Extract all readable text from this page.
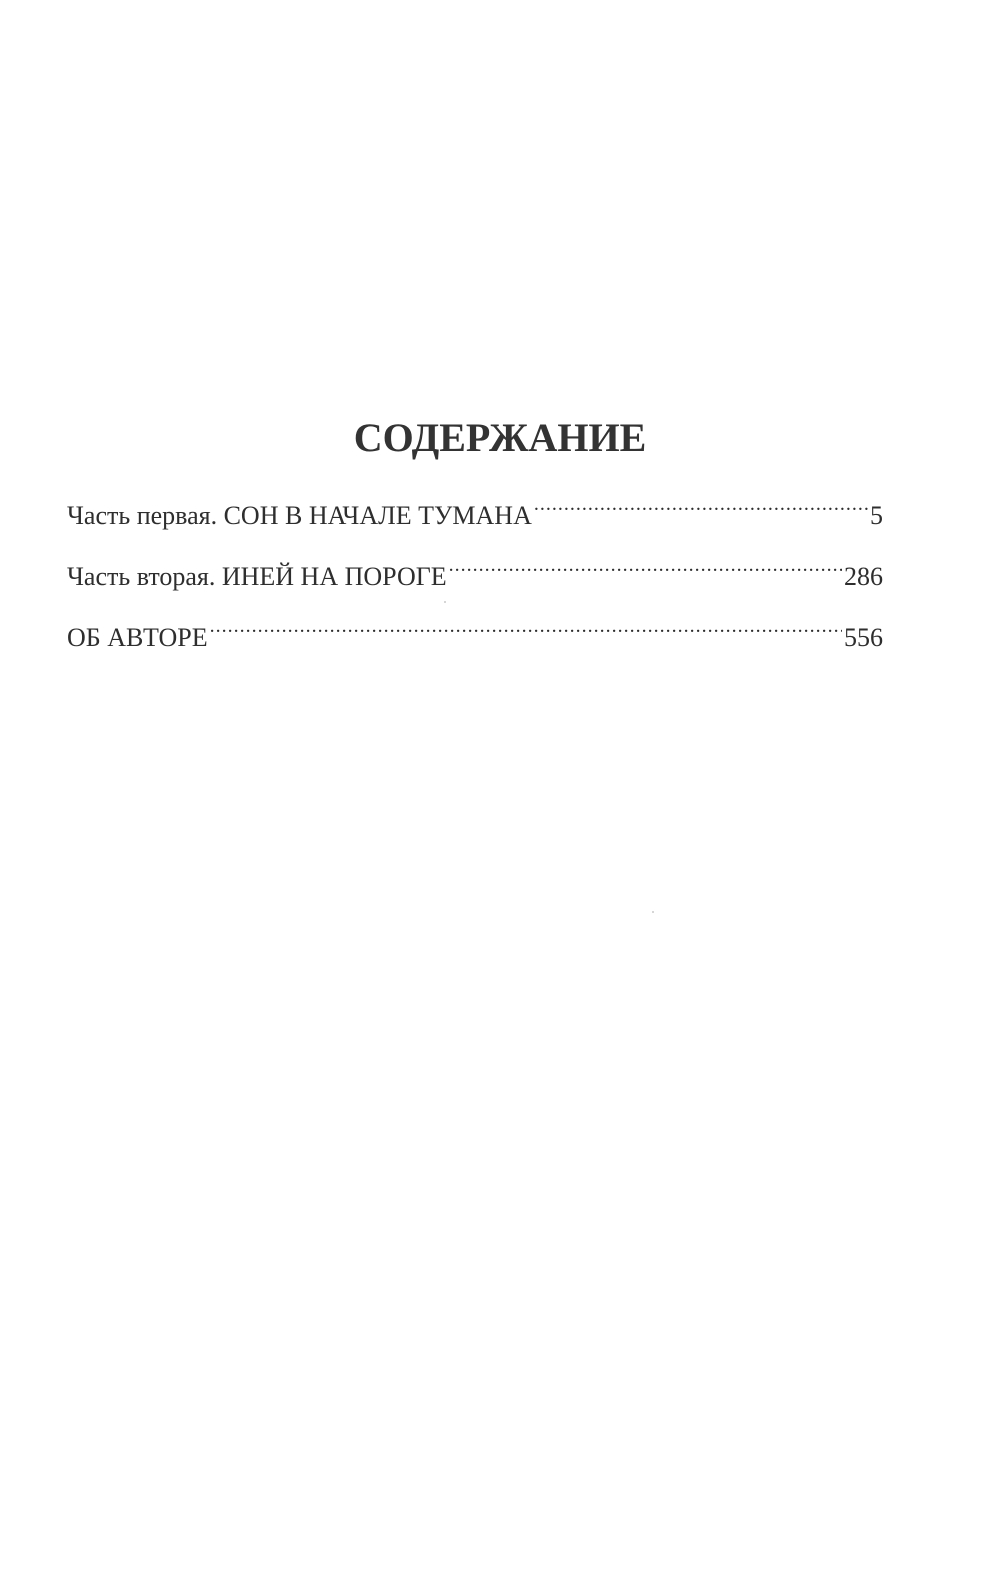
СОДЕРЖАНИЕ
Часть первая. СОН В НАЧАЛЕ ТУМАНА .....	5
Часть вторая. ИНЕЙ НА ПОРОГЕ .....	286
ОБ АВТОРЕ .....	556
